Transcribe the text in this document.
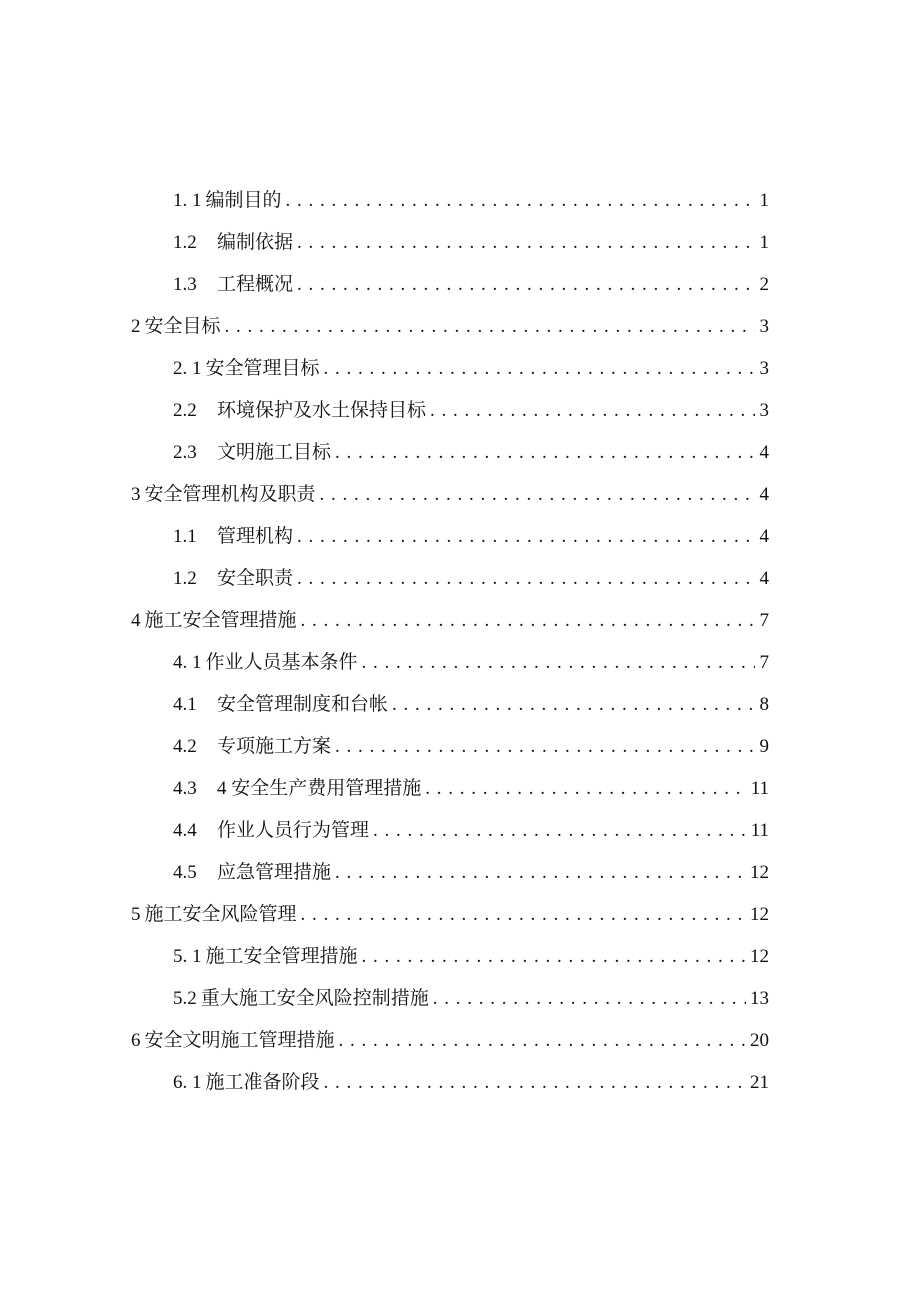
1. 1 编制目的 . . .	1
1.2	编制依据 . . .	1
1.3	工程概况 . . .	2
2 安全目标 . . .	3
2. 1 安全管理目标 . . .	3
2.2	环境保护及水土保持目标 . . .	3
2.3	文明施工目标 . . .	4
3 安全管理机构及职责 . . .	4
1.1	管理机构 . . .	4
1.2	安全职责 . . .	4
4 施工安全管理措施 . . .	7
4. 1 作业人员基本条件 . . .	7
4.1	安全管理制度和台帐 . . .	8
4.2	专项施工方案 . . .	9
4.3	4 安全生产费用管理措施 . . .	11
4.4	作业人员行为管理 . . .	11
4.5	应急管理措施 . . .	12
5 施工安全风险管理 . . .	12
5. 1 施工安全管理措施 . . .	12
5.2 重大施工安全风险控制措施 . . .	13
6 安全文明施工管理措施 . . .	20
6. 1 施工准备阶段 . . .	21
